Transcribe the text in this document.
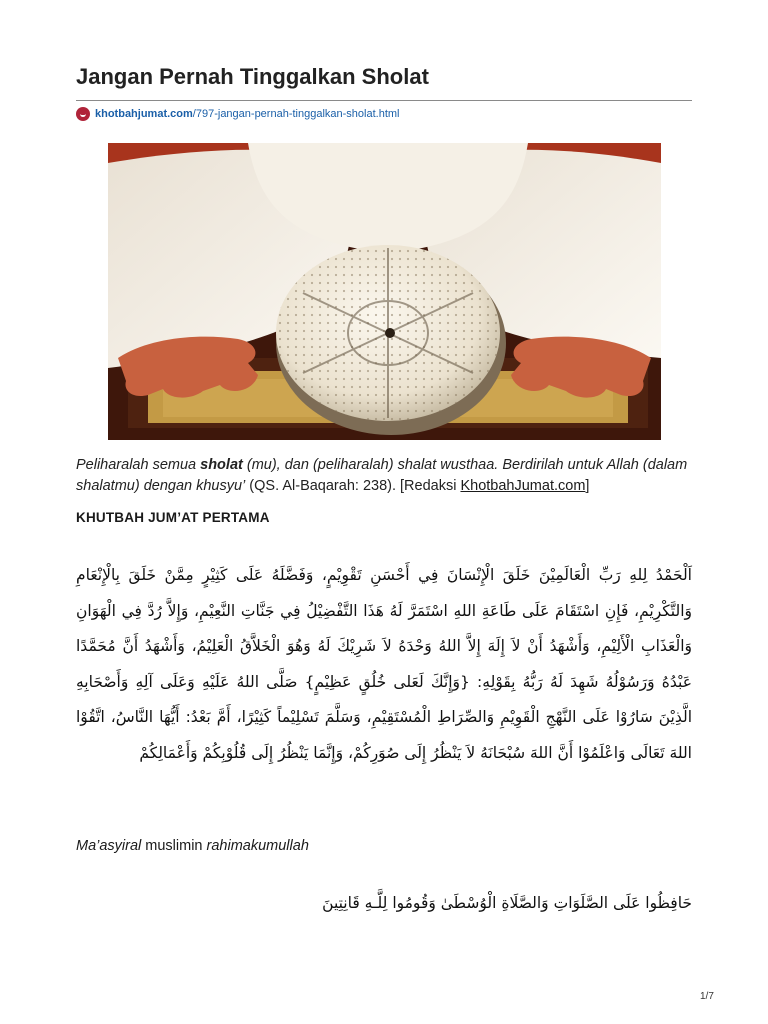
Jangan Pernah Tinggalkan Sholat
khotbahjumat.com /797-jangan-pernah-tinggalkan-sholat.html

Peliharalah semua sholat (mu), dan (peliharalah) shalat wusthaa. Berdirilah untuk Allah (dalam shalatmu) dengan khusyu’ (QS. Al-Baqarah: 238). [Redaksi KhotbahJumat.com]

KHUTBAH JUM’AT PERTAMA

اَلْحَمْدُ لِلهِ رَبِّ الْعَالَمِيْنَ خَلَقَ الْإِنْسَانَ فِي أَحْسَنِ تَقْوِيْمٍ، وَفَضَّلَهُ عَلَى كَثِيْرٍ مِمَّنْ خَلَقَ بِالْإِنْعَامِ وَالتَّكْرِيْمِ، فَإِنِ اسْتَقَامَ عَلَى طَاعَةِ اللهِ اسْتَمَرَّ لَهُ هَذَا التَّفْضِيْلُ فِي جَنَّاتِ النَّعِيْمِ، وَإِلاَّ رُدَّ فِي الْهَوَانِ وَالْعَذَابِ الْأَلِيْمِ، وَأَشْهَدُ أَنْ لاَ إِلَهَ إِلاَّ اللهُ وَحْدَهُ لاَ شَرِيْكَ لَهُ وَهُوَ الْخَلاَّقُ الْعَلِيْمُ، وَأَشْهَدُ أَنَّ مُحَمَّدًا عَبْدُهُ وَرَسُوْلُهُ شَهِدَ لَهُ رَبُّهُ بِقَوْلِهِ: {وَإِنَّكَ لَعَلى خُلُقٍ عَظِيْمٍ} صَلَّى اللهُ عَلَيْهِ وَعَلَى آلِهِ وَأَصْحَابِهِ الَّذِيْنَ سَارُوْا عَلَى النَّهْجِ الْقَوِيْمِ وَالصِّرَاطِ الْمُسْتَقِيْمِ، وَسَلَّمَ تَسْلِيْماً كَثِيْرًا، أَمَّ بَعْدُ: أَيُّهَا النَّاسُ، اتَّقُوْا اللهَ تَعَالَى وَاعْلَمُوْا أَنَّ اللهَ سُبْحَانَهُ لاَ يَنْظُرُ إِلَى صُوَرِكُمْ، وَإِنَّمَا يَنْظُرُ إِلَى قُلُوْبِكُمْ وَأَعْمَالِكُمْ

Ma’asyiral muslimin rahimakumullah

حَافِظُوا عَلَى الصَّلَوَاتِ وَالصَّلَاةِ الْوُسْطَىٰ وَقُومُوا لِلَّـهِ قَانِتِينَ

1/7
